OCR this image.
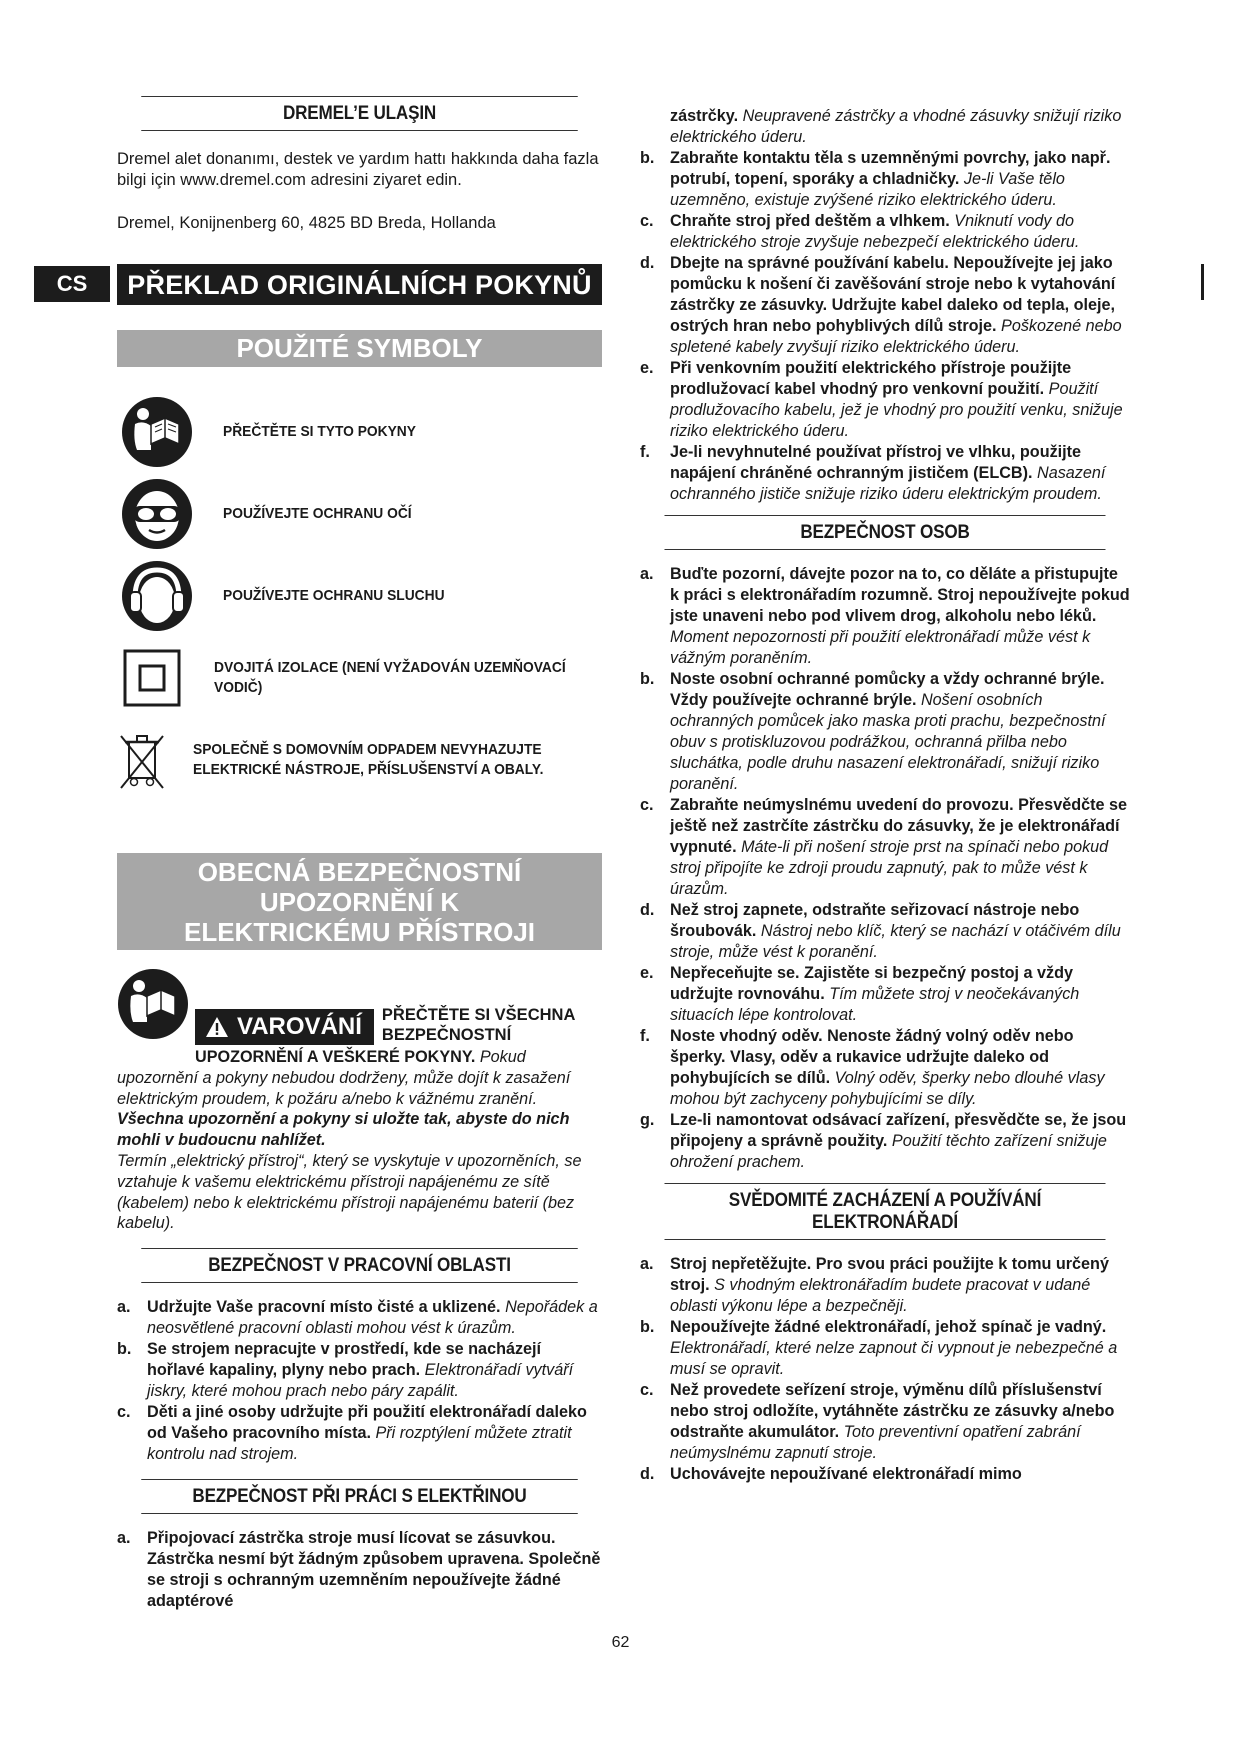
CS
DREMEL’E ULAŞIN

Dremel alet donanımı, destek ve yardım hattı hakkında daha fazla bilgi için www.dremel.com adresini ziyaret edin.

Dremel, Konijnenberg 60, 4825 BD Breda, Hollanda

PŘEKLAD ORIGINÁLNÍCH POKYNŮ
POUŽITÉ SYMBOLY
PŘEČTĚTE SI TYTO POKYNY
POUŽÍVEJTE OCHRANU OČÍ
POUŽÍVEJTE OCHRANU SLUCHU
DVOJITÁ IZOLACE (NENÍ VYŽADOVÁN UZEMŇOVACÍ VODIČ)
SPOLEČNĚ S DOMOVNÍM ODPADEM NEVYHAZUJTE ELEKTRICKÉ NÁSTROJE, PŘÍSLUŠENSTVÍ A OBALY.
OBECNÁ BEZPEČNOSTNÍ UPOZORNĚNÍ K
ELEKTRICKÉMU PŘÍSTROJI
VAROVÁNÍ PŘEČTĚTE SI VŠECHNA
BEZPEČNOSTNÍ
UPOZORNĚNÍ A VEŠKERÉ POKYNY. Pokud upozornění a pokyny nebudou dodrženy, může dojít k zasažení elektrickým proudem, k požáru a/nebo k vážnému zranění.
Všechna upozornění a pokyny si uložte tak, abyste do nich mohli v budoucnu nahlížet.
Termín „elektrický přístroj“, který se vyskytuje v upozorněních, se vztahuje k vašemu elektrickému přístroji napájenému ze sítě (kabelem) nebo k elektrickému přístroji napájenému baterií (bez kabelu).
BEZPEČNOST V PRACOVNÍ OBLASTI
a. Udržujte Vaše pracovní místo čisté a uklizené. Nepořádek a neosvětlené pracovní oblasti mohou vést k úrazům.
b. Se strojem nepracujte v prostředí, kde se nacházejí hořlavé kapaliny, plyny nebo prach. Elektronářadí vytváří jiskry, které mohou prach nebo páry zapálit.
c. Děti a jiné osoby udržujte při použití elektronářadí daleko od Vašeho pracovního místa. Při rozptýlení můžete ztratit kontrolu nad strojem.
BEZPEČNOST PŘI PRÁCI S ELEKTŘINOU
a. Připojovací zástrčka stroje musí lícovat se zásuvkou. Zástrčka nesmí být žádným způsobem upravena. Společně se stroji s ochranným uzemněním nepoužívejte žádné adaptérové
zástrčky. Neupravené zástrčky a vhodné zásuvky snižují riziko elektrického úderu.
b. Zabraňte kontaktu těla s uzemněnými povrchy, jako např. potrubí, topení, sporáky a chladničky. Je-li Vaše tělo uzemněno, existuje zvýšené riziko elektrického úderu.
c. Chraňte stroj před deštěm a vlhkem. Vniknutí vody do elektrického stroje zvyšuje nebezpečí elektrického úderu.
d. Dbejte na správné používání kabelu. Nepoužívejte jej jako pomůcku k nošení či zavěšování stroje nebo k vytahování zástrčky ze zásuvky. Udržujte kabel daleko od tepla, oleje, ostrých hran nebo pohyblivých dílů stroje. Poškozené nebo spletené kabely zvyšují riziko elektrického úderu.
e. Při venkovním použití elektrického přístroje použijte prodlužovací kabel vhodný pro venkovní použití. Použití prodlužovacího kabelu, jež je vhodný pro použití venku, snižuje riziko elektrického úderu.
f. Je-li nevyhnutelné používat přístroj ve vlhku, použijte napájení chráněné ochranným jističem (ELCB). Nasazení ochranného jističe snižuje riziko úderu elektrickým proudem.
BEZPEČNOST OSOB
a. Buďte pozorní, dávejte pozor na to, co děláte a přistupujte k práci s elektronářadím rozumně. Stroj nepoužívejte pokud jste unaveni nebo pod vlivem drog, alkoholu nebo léků. Moment nepozornosti při použití elektronářadí může vést k vážným poraněním.
b. Noste osobní ochranné pomůcky a vždy ochranné brýle. Vždy používejte ochranné brýle. Nošení osobních ochranných pomůcek jako maska proti prachu, bezpečnostní obuv s protiskluzovou podrážkou, ochranná přilba nebo sluchátka, podle druhu nasazení elektronářadí, snižují riziko poranění.
c. Zabraňte neúmyslnému uvedení do provozu. Přesvědčte se ještě než zastrčíte zástrčku do zásuvky, že je elektronářadí vypnuté. Máte-li při nošení stroje prst na spínači nebo pokud stroj připojíte ke zdroji proudu zapnutý, pak to může vést k úrazům.
d. Než stroj zapnete, odstraňte seřizovací nástroje nebo šroubovák. Nástroj nebo klíč, který se nachází v otáčivém dílu stroje, může vést k poranění.
e. Nepřeceňujte se. Zajistěte si bezpečný postoj a vždy udržujte rovnováhu. Tím můžete stroj v neočekávaných situacích lépe kontrolovat.
f. Noste vhodný oděv. Nenoste žádný volný oděv nebo šperky. Vlasy, oděv a rukavice udržujte daleko od pohybujících se dílů. Volný oděv, šperky nebo dlouhé vlasy mohou být zachyceny pohybujícími se díly.
g. Lze-li namontovat odsávací zařízení, přesvědčte se, že jsou připojeny a správně použity. Použití těchto zařízení snižuje ohrožení prachem.
SVĚDOMITÉ ZACHÁZENÍ A POUŽÍVÁNÍ
ELEKTRONÁŘADÍ
a. Stroj nepřetěžujte. Pro svou práci použijte k tomu určený stroj. S vhodným elektronářadím budete pracovat v udané oblasti výkonu lépe a bezpečněji.
b. Nepoužívejte žádné elektronářadí, jehož spínač je vadný. Elektronářadí, které nelze zapnout či vypnout je nebezpečné a musí se opravit.
c. Než provedete seřízení stroje, výměnu dílů příslušenství nebo stroj odložíte, vytáhněte zástrčku ze zásuvky a/nebo odstraňte akumulátor. Toto preventivní opatření zabrání neúmyslnému zapnutí stroje.
d. Uchovávejte nepoužívané elektronářadí mimo
62
